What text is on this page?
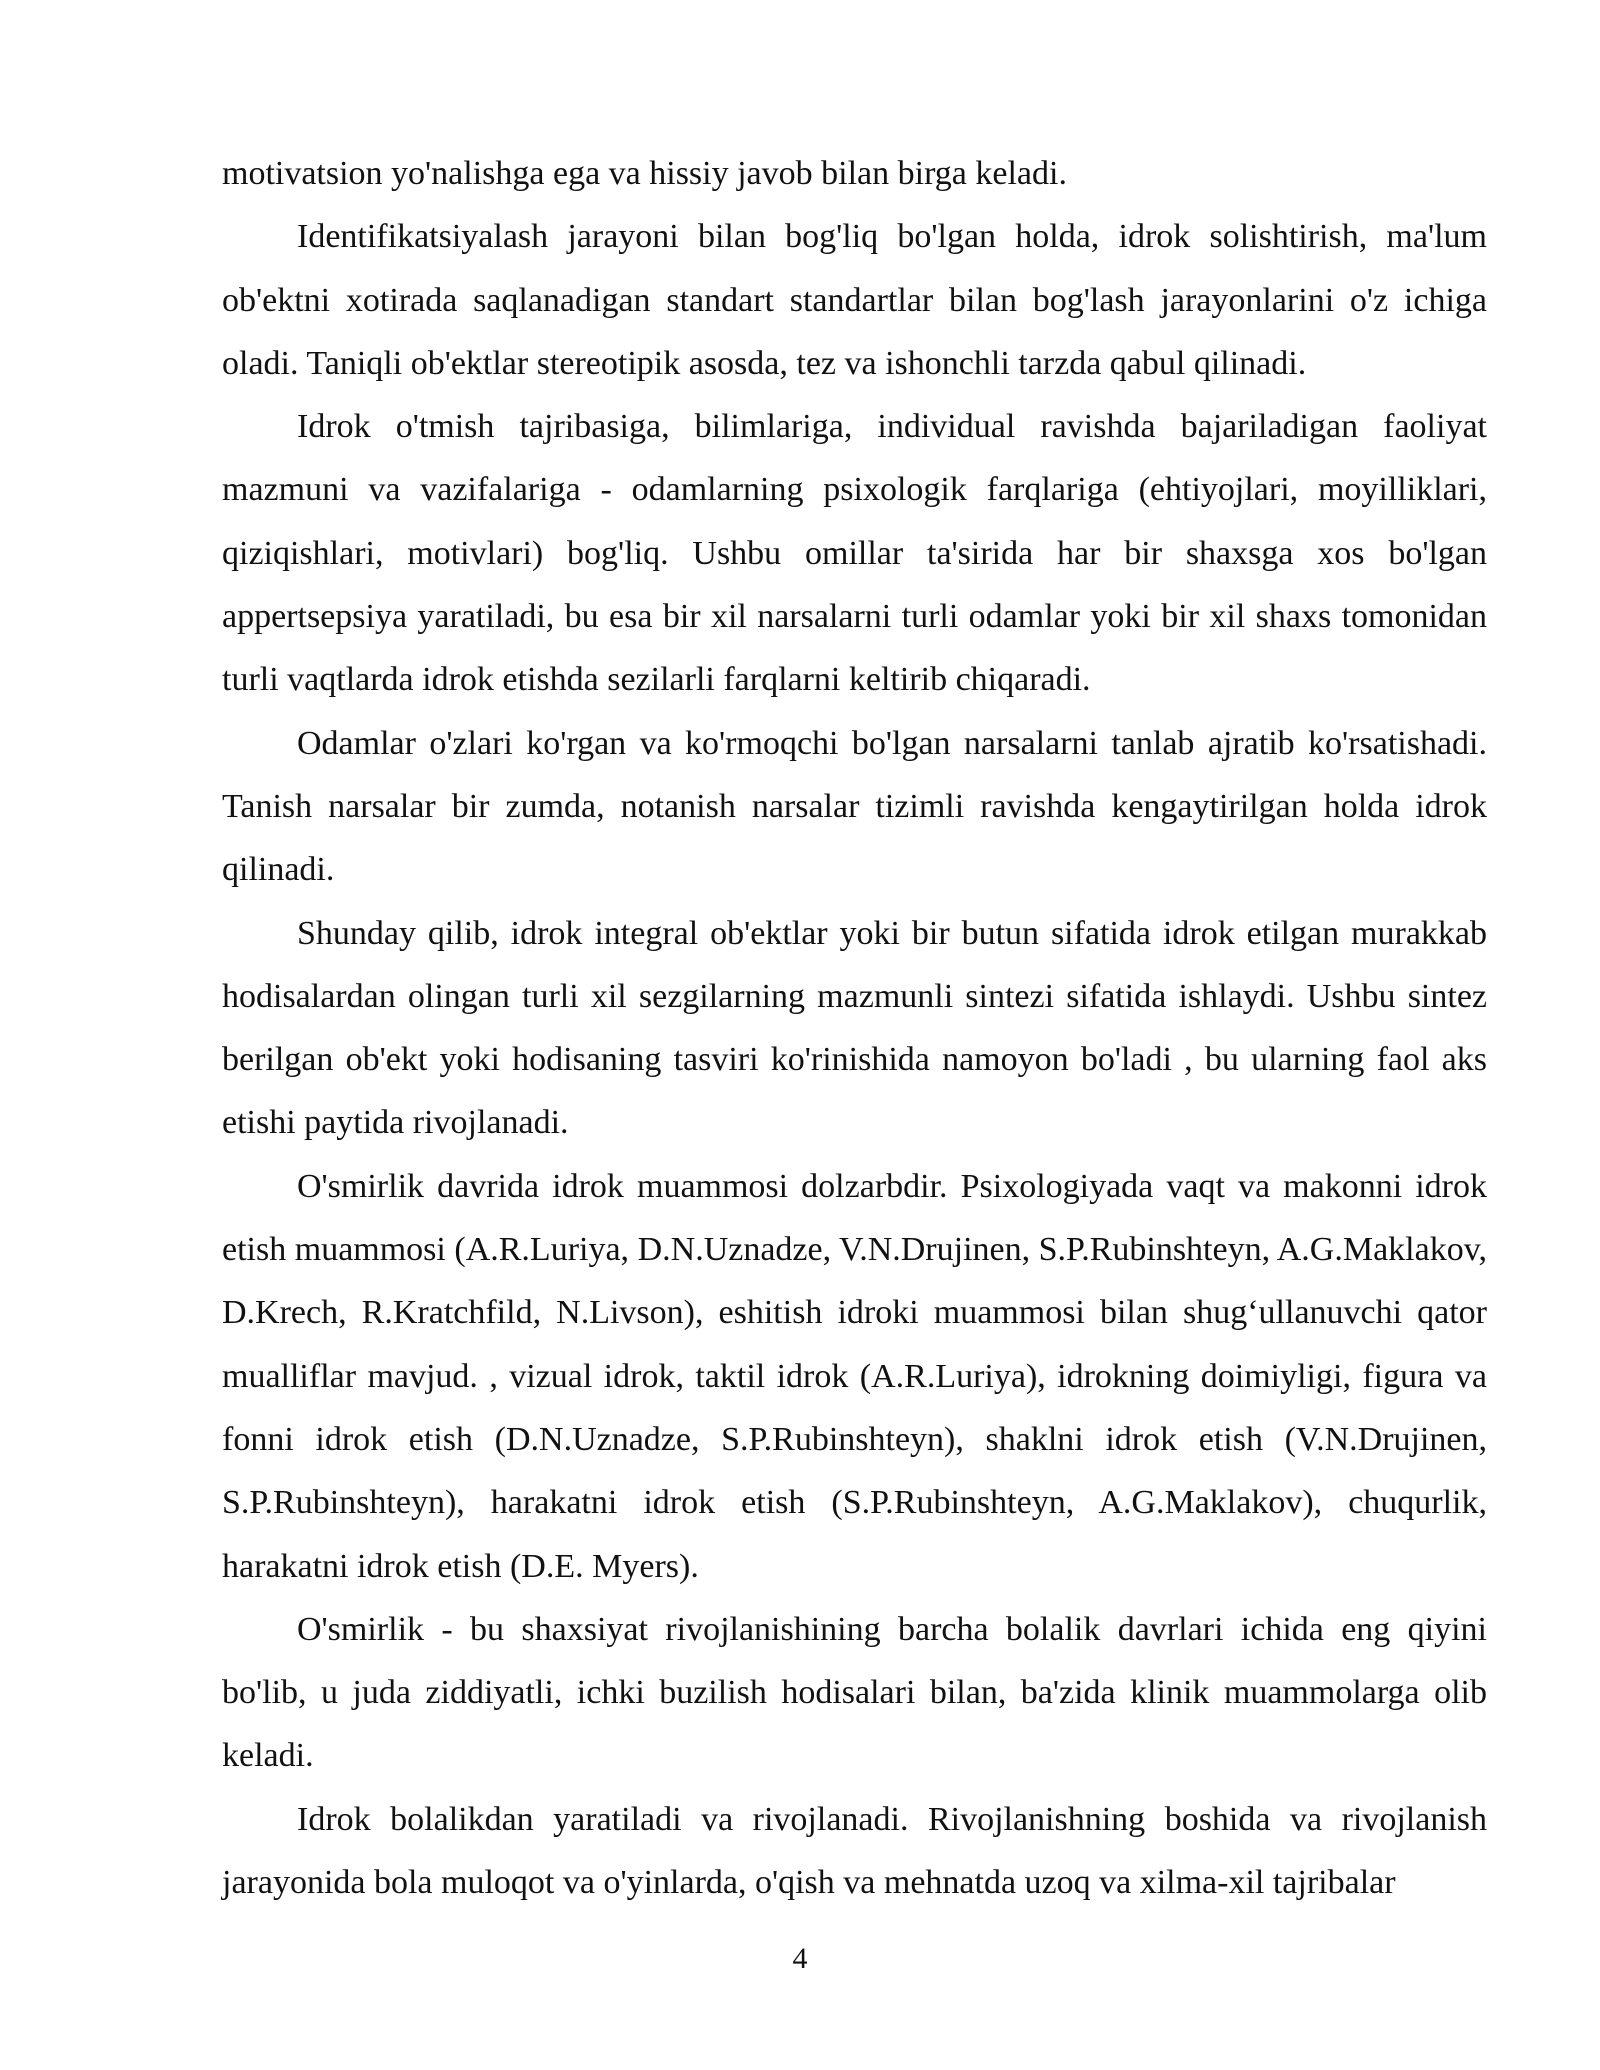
motivatsion yo'nalishga ega va hissiy javob bilan birga keladi.

Identifikatsiyalash jarayoni bilan bog'liq bo'lgan holda, idrok solishtirish, ma'lum ob'ektni xotirada saqlanadigan standart standartlar bilan bog'lash jarayonlarini o'z ichiga oladi. Taniqli ob'ektlar stereotipik asosda, tez va ishonchli tarzda qabul qilinadi.

Idrok o'tmish tajribasiga, bilimlariga, individual ravishda bajariladigan faoliyat mazmuni va vazifalariga - odamlarning psixologik farqlariga (ehtiyojlari, moyilliklari, qiziqishlari, motivlari) bog'liq. Ushbu omillar ta'sirida har bir shaxsga xos bo'lgan appertsepsiya yaratiladi, bu esa bir xil narsalarni turli odamlar yoki bir xil shaxs tomonidan turli vaqtlarda idrok etishda sezilarli farqlarni keltirib chiqaradi.

Odamlar o'zlari ko'rgan va ko'rmoqchi bo'lgan narsalarni tanlab ajratib ko'rsatishadi. Tanish narsalar bir zumda, notanish narsalar tizimli ravishda kengaytirilgan holda idrok qilinadi.

Shunday qilib, idrok integral ob'ektlar yoki bir butun sifatida idrok etilgan murakkab hodisalardan olingan turli xil sezgilarning mazmunli sintezi sifatida ishlaydi. Ushbu sintez berilgan ob'ekt yoki hodisaning tasviri ko'rinishida namoyon bo'ladi , bu ularning faol aks etishi paytida rivojlanadi.

O'smirlik davrida idrok muammosi dolzarbdir. Psixologiyada vaqt va makonni idrok etish muammosi (A.R.Luriya, D.N.Uznadze, V.N.Drujinen, S.P.Rubinshteyn, A.G.Maklakov, D.Krech, R.Kratchfild, N.Livson), eshitish idroki muammosi bilan shug‘ullanuvchi qator mualliflar mavjud. , vizual idrok, taktil idrok (A.R.Luriya), idrokning doimiyligi, figura va fonni idrok etish (D.N.Uznadze, S.P.Rubinshteyn), shaklni idrok etish (V.N.Drujinen, S.P.Rubinshteyn), harakatni idrok etish (S.P.Rubinshteyn, A.G.Maklakov), chuqurlik, harakatni idrok etish (D.E. Myers).

O'smirlik - bu shaxsiyat rivojlanishining barcha bolalik davrlari ichida eng qiyini bo'lib, u juda ziddiyatli, ichki buzilish hodisalari bilan, ba'zida klinik muammolarga olib keladi.

Idrok bolalikdan yaratiladi va rivojlanadi. Rivojlanishning boshida va rivojlanish jarayonida bola muloqot va o'yinlarda, o'qish va mehnatda uzoq va xilma-xil tajribalar

4
